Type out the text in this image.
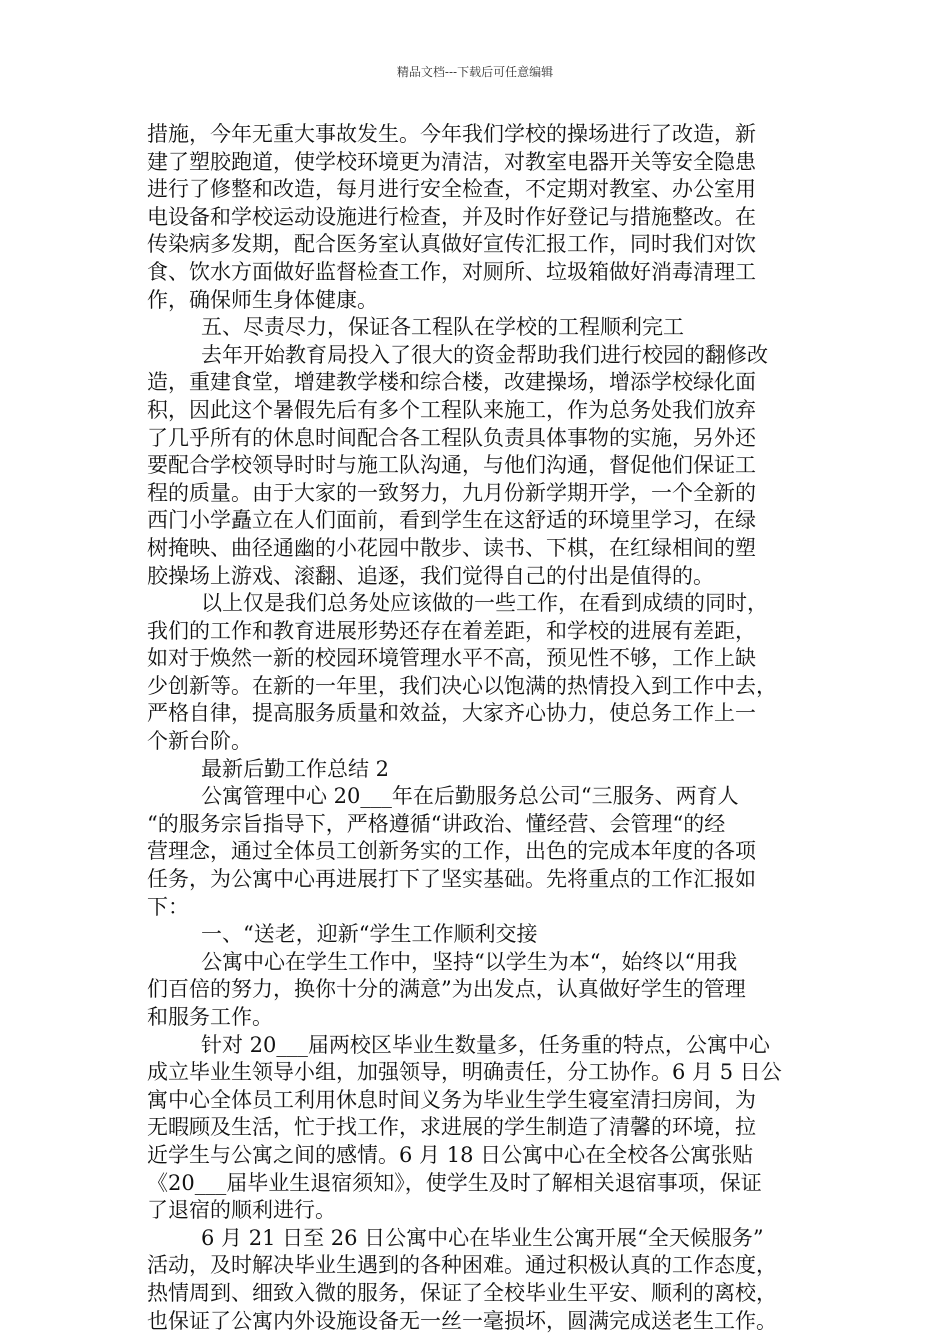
精品文档---下载后可任意编辑
措施，今年无重大事故发生。今年我们学校的操场进行了改造，新
建了塑胶跑道，使学校环境更为清洁，对教室电器开关等安全隐患
进行了修整和改造，每月进行安全检查，不定期对教室、办公室用
电设备和学校运动设施进行检查，并及时作好登记与措施整改。在
传染病多发期，配合医务室认真做好宣传汇报工作，同时我们对饮
食、饮水方面做好监督检查工作，对厕所、垃圾箱做好消毒清理工
作，确保师生身体健康。
五、尽责尽力，保证各工程队在学校的工程顺利完工
去年开始教育局投入了很大的资金帮助我们进行校园的翻修改
造，重建食堂，增建教学楼和综合楼，改建操场，增添学校绿化面
积，因此这个暑假先后有多个工程队来施工，作为总务处我们放弃
了几乎所有的休息时间配合各工程队负责具体事物的实施，另外还
要配合学校领导时时与施工队沟通，与他们沟通，督促他们保证工
程的质量。由于大家的一致努力，九月份新学期开学，一个全新的
西门小学矗立在人们面前，看到学生在这舒适的环境里学习，在绿
树掩映、曲径通幽的小花园中散步、读书、下棋，在红绿相间的塑
胶操场上游戏、滚翻、追逐，我们觉得自己的付出是值得的。
以上仅是我们总务处应该做的一些工作，在看到成绩的同时，
我们的工作和教育进展形势还存在着差距，和学校的进展有差距，
如对于焕然一新的校园环境管理水平不高，预见性不够，工作上缺
少创新等。在新的一年里，我们决心以饱满的热情投入到工作中去，
严格自律，提高服务质量和效益，大家齐心协力，使总务工作上一
个新台阶。
最新后勤工作总结 2
公寓管理中心 20___年在后勤服务总公司“三服务、两育人
“的服务宗旨指导下，严格遵循“讲政治、懂经营、会管理“的经
营理念，通过全体员工创新务实的工作，出色的完成本年度的各项
任务，为公寓中心再进展打下了坚实基础。先将重点的工作汇报如
下：
一、“送老，迎新“学生工作顺利交接
公寓中心在学生工作中，坚持“以学生为本“，始终以“用我
们百倍的努力，换你十分的满意”为出发点，认真做好学生的管理
和服务工作。
针对 20___届两校区毕业生数量多，任务重的特点，公寓中心
成立毕业生领导小组，加强领导，明确责任，分工协作。6 月 5 日公
寓中心全体员工利用休息时间义务为毕业生学生寝室清扫房间，为
无暇顾及生活，忙于找工作，求进展的学生制造了清馨的环境，拉
近学生与公寓之间的感情。6 月 18 日公寓中心在全校各公寓张贴
《20___届毕业生退宿须知》，使学生及时了解相关退宿事项，保证
了退宿的顺利进行。
6 月 21 日至 26 日公寓中心在毕业生公寓开展“全天候服务”
活动，及时解决毕业生遇到的各种困难。通过积极认真的工作态度，
热情周到、细致入微的服务，保证了全校毕业生平安、顺利的离校，
也保证了公寓内外设施设备无一丝一毫损坏，圆满完成送老生工作。
